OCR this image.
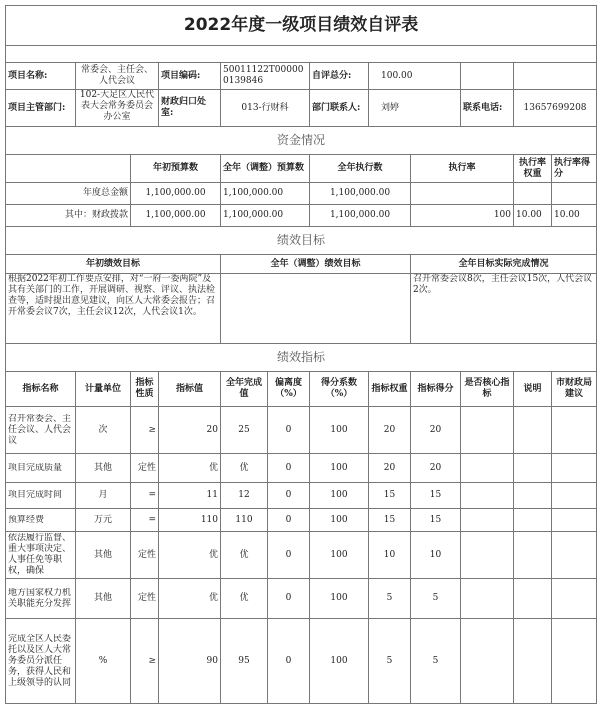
2022年度一级项目绩效自评表											

项目名称:	常委会、主任会、人代会议		项目编码:	50011122T000000139846		自评总分:	100.00				
项目主管部门:	102-大足区人民代表大会常务委员会办公室		财政归口处室:	013-行财科		部门联系人:	刘婷		联系电话:	13657699208	
资金情况											
		年初预算数		全年（调整）预算数		全年执行数		执行率		执行率权重	执行率得分
年度总金额		1,100,000.00		1,100,000.00		1,100,000.00					
其中：财政拨款		1,100,000.00		1,100,000.00		1,100,000.00		100		10.00	10.00
绩效目标											
年初绩效目标				全年（调整）绩效目标				全年目标实际完成情况			
根据2022年初工作要点安排，对“一府一委两院”及其有关部门的工作，开展调研、视察、评议、执法检查等，适时提出意见建议，向区人大常委会报告；召开常委会议7次，主任会议12次，人代会议1次。								召开常委会议8次，主任会议15次，人代会议2次。			
绩效指标											
指标名称	计量单位	指标性质	指标值	全年完成值	偏离度（%）	得分系数（%）	指标权重	指标得分	是否核心指标	说明	市财政局建议

召开常委会、主任会议、人代会议	次	≥	20	25	0	100	20	20			

项目完成质量	其他	定性	优	优	0	100	20	20			

项目完成时间	月	=	11	12	0	100	15	15			

预算经费	万元	=	110	110	0	100	15	15			

依法履行监督、重大事项决定、人事任免等职权，确保	其他	定性	优	优	0	100	10	10			

地方国家权力机关职能充分发挥	其他	定性	优	优	0	100	5	5			

完成全区人民委托以及区人大常务委员分派任务，获得人民和上级领导的认同	%	≥	90	95	0	100	5	5			
